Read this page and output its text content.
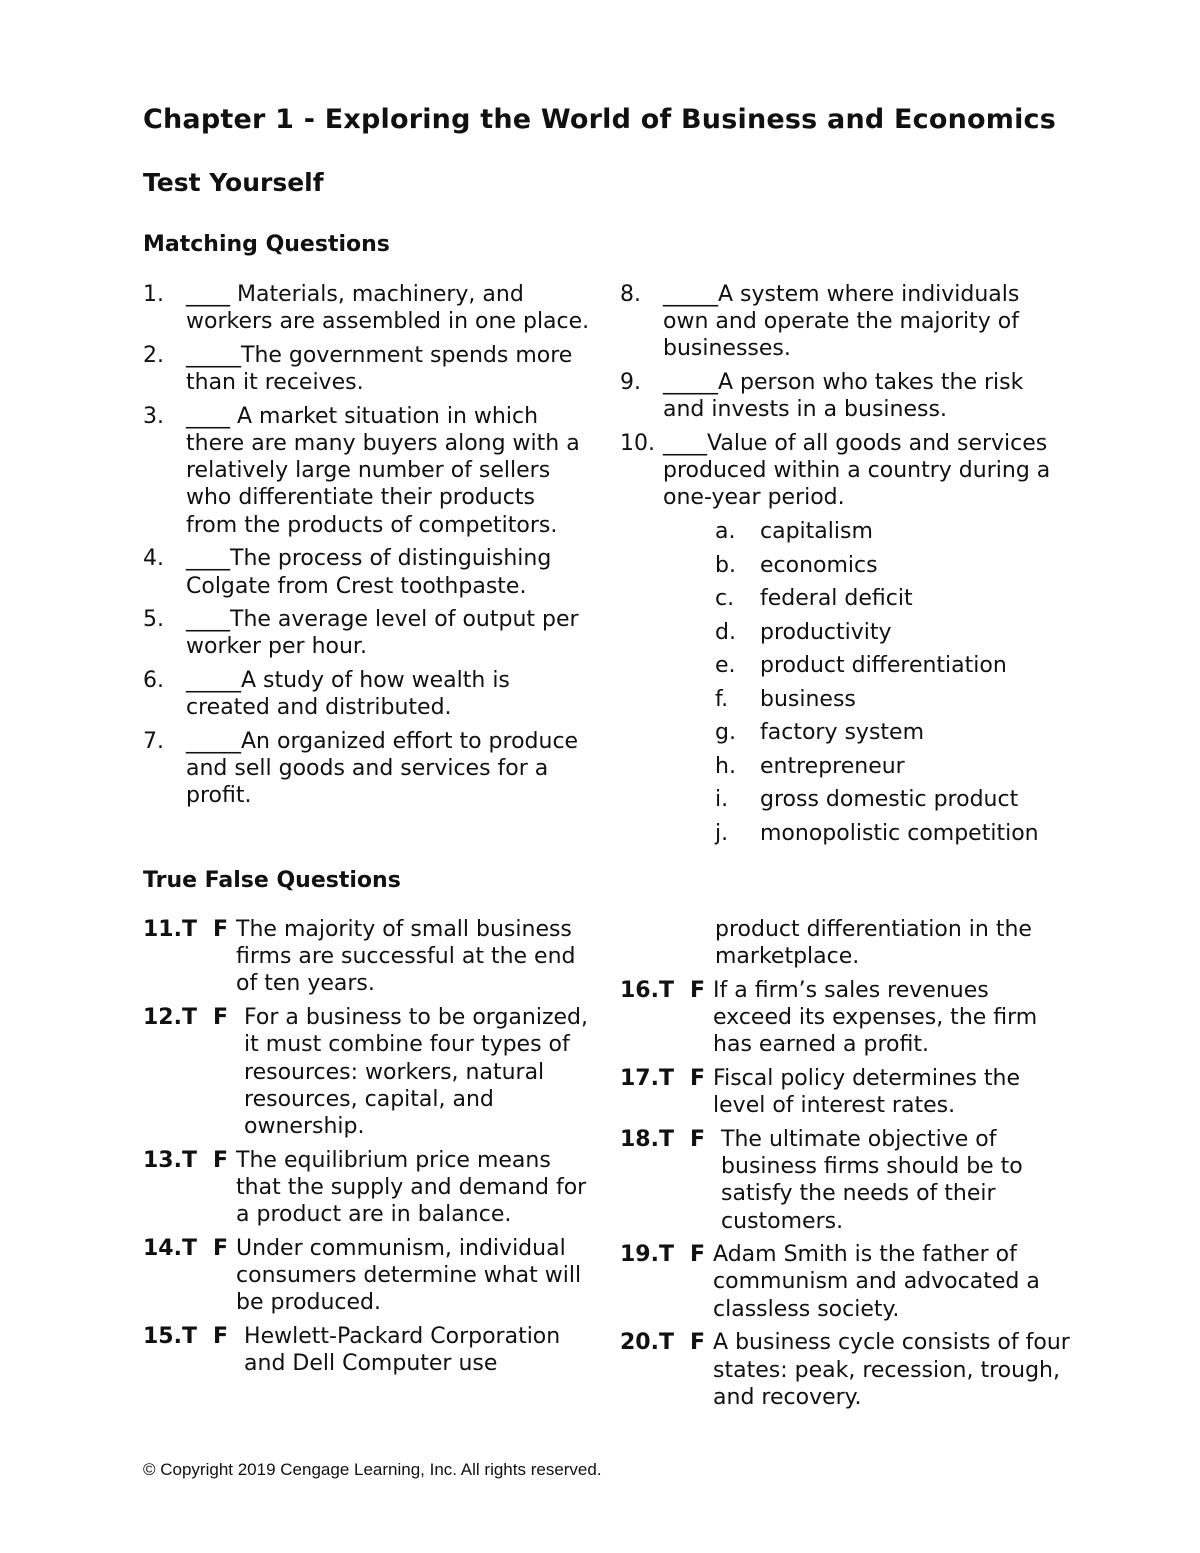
Chapter 1 - Exploring the World of Business and Economics
Test Yourself
Matching Questions
1.	____ Materials, machinery, and workers are assembled in one place.
2.	_____The government spends more than it receives.
3.	____ A market situation in which there are many buyers along with a relatively large number of sellers who differentiate their products from the products of competitors.
4.	____The process of distinguishing Colgate from Crest toothpaste.
5.	____The average level of output per worker per hour.
6.	_____A study of how wealth is created and distributed.
7.	_____An organized effort to produce and sell goods and services for a profit.
8.	_____A system where individuals own and operate the majority of businesses.
9.	_____A person who takes the risk and invests in a business.
10. ____Value of all goods and services produced within a country during a one-year period.
a.	capitalism
b.	economics
c.	federal deficit
d.	productivity
e.	product differentiation
f.	business
g.	factory system
h.	entrepreneur
i.	gross domestic product
j.	monopolistic competition
True False Questions
11. T F The majority of small business firms are successful at the end of ten years.
12. T F For a business to be organized, it must combine four types of resources: workers, natural resources, capital, and ownership.
13. T F The equilibrium price means that the supply and demand for a product are in balance.
14. T F Under communism, individual consumers determine what will be produced.
15. T F Hewlett-Packard Corporation and Dell Computer use
product differentiation in the marketplace.
16. T F If a firm’s sales revenues exceed its expenses, the firm has earned a profit.
17. T F Fiscal policy determines the level of interest rates.
18. T F The ultimate objective of business firms should be to satisfy the needs of their customers.
19. T F Adam Smith is the father of communism and advocated a classless society.
20. T F A business cycle consists of four states: peak, recession, trough, and recovery.
© Copyright 2019 Cengage Learning, Inc. All rights reserved.
